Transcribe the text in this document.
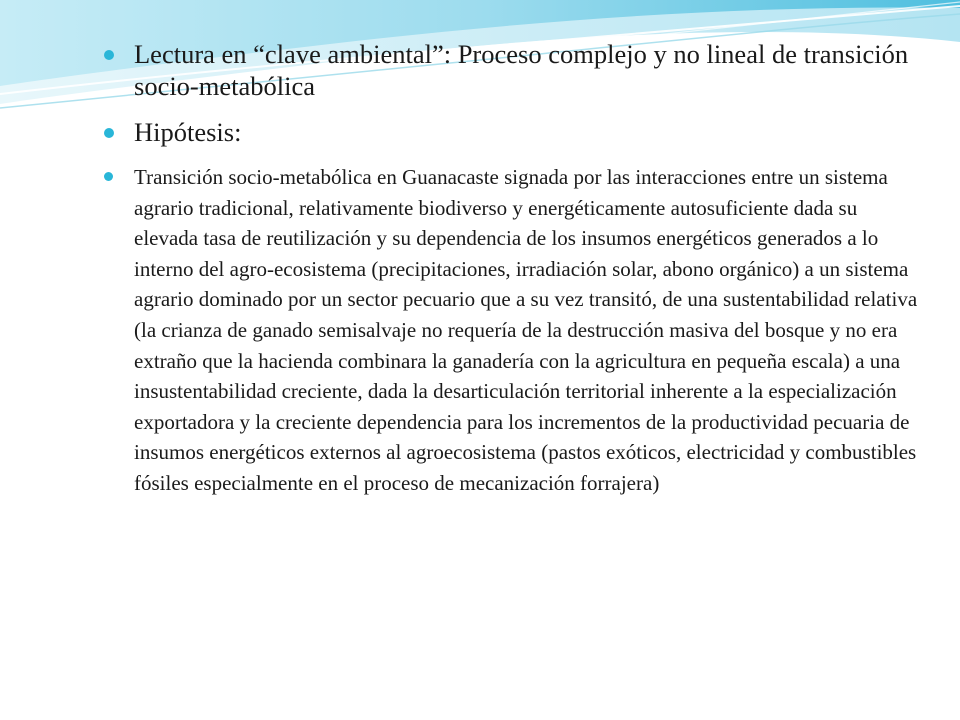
Lectura en “clave ambiental”: Proceso complejo y no lineal de transición socio-metabólica
Hipótesis:
Transición socio-metabólica en Guanacaste signada por las interacciones entre un sistema agrario tradicional, relativamente biodiverso y energéticamente autosuficiente dada su elevada tasa de reutilización y su dependencia de los insumos energéticos generados a lo interno del agro-ecosistema (precipitaciones, irradiación solar, abono orgánico) a un sistema agrario dominado por un sector pecuario que a su vez transitó, de una sustentabilidad relativa (la crianza de ganado semisalvaje no requería de la destrucción masiva del bosque y no era extraño que la hacienda combinara la ganadería con la agricultura en pequeña escala) a una insustentabilidad creciente, dada la desarticulación territorial inherente a la especialización exportadora y la creciente dependencia para los incrementos de la productividad pecuaria de insumos energéticos externos al agroecosistema (pastos exóticos, electricidad y combustibles fósiles especialmente en el proceso de mecanización forrajera)
